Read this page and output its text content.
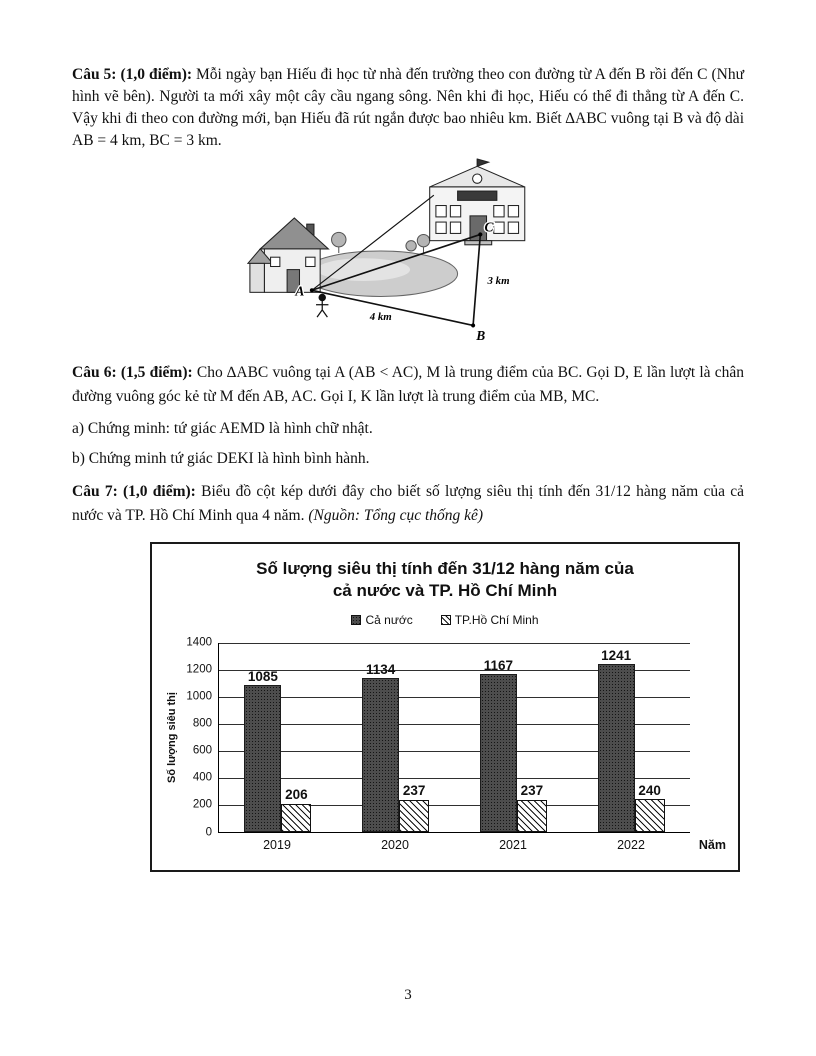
Câu 5: (1,0 điểm): Mỗi ngày bạn Hiếu đi học từ nhà đến trường theo con đường từ A đến B rồi đến C (Như hình vẽ bên). Người ta mới xây một cây cầu ngang sông. Nên khi đi học, Hiếu có thể đi thẳng từ A đến C. Vậy khi đi theo con đường mới, bạn Hiếu đã rút ngắn được bao nhiêu km. Biết ∆ABC vuông tại B và độ dài AB = 4 km, BC = 3 km.

A
B
C
4 km
3 km

Câu 6: (1,5 điểm): Cho ∆ABC vuông tại A (AB < AC), M là trung điểm của BC. Gọi D, E lần lượt là chân đường vuông góc kẻ từ M đến AB, AC. Gọi I, K lần lượt là trung điểm của MB, MC.

a) Chứng minh: tứ giác AEMD là hình chữ nhật.

b) Chứng minh tứ giác DEKI là hình bình hành.

Câu 7: (1,0 điểm): Biểu đồ cột kép dưới đây cho biết số lượng siêu thị tính đến 31/12 hàng năm của cả nước và TP. Hồ Chí Minh qua 4 năm. (Nguồn: Tổng cục thống kê)

Số lượng siêu thị tính đến 31/12 hàng năm của
cả nước và TP. Hồ Chí Minh
Cả nước	TP.Hồ Chí Minh
Số lượng siêu thị
0
200
400
600
800
1000
1200
1400
1085
206
1134
237
1167
237
1241
240
2019	2020	2021	2022	Năm
3
